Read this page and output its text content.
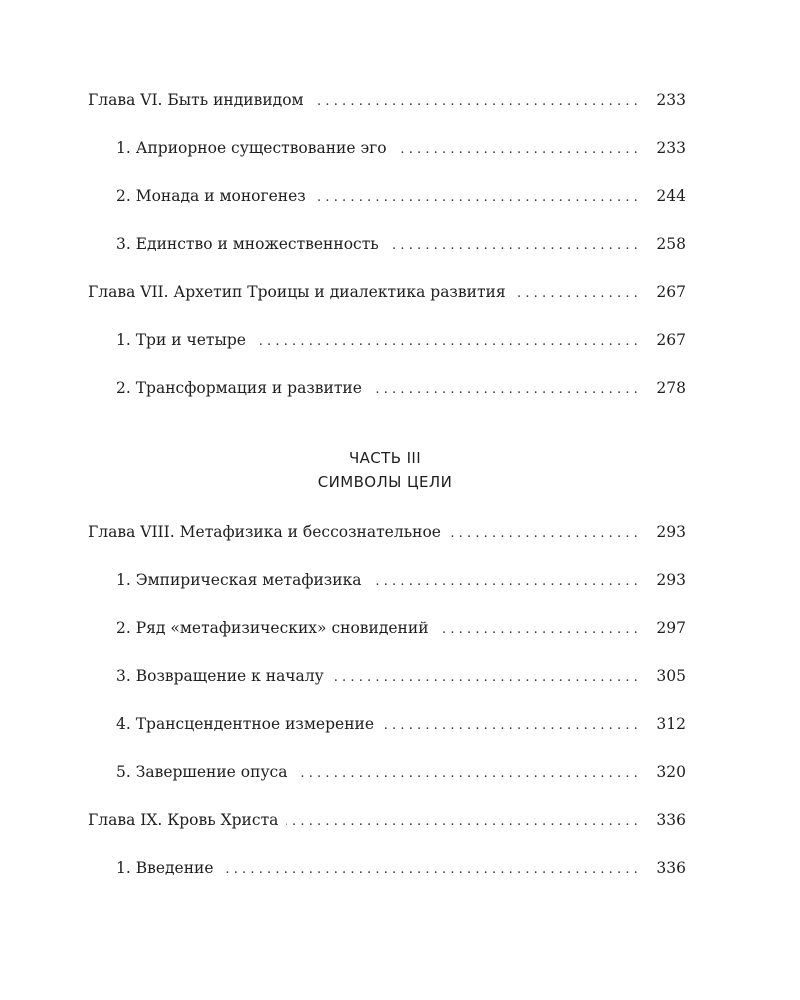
Глава VI. Быть индивидом .....	233
1. Априорное существование эго .....	233
2. Монада и моногенез .....	244
3. Единство и множественность .....	258
Глава VII. Архетип Троицы и диалектика развития .....	267
1. Три и четыре .....	267
2. Трансформация и развитие .....	278
ЧАСТЬ III
СИМВОЛЫ ЦЕЛИ
Глава VIII. Метафизика и бессознательное .....	293
1. Эмпирическая метафизика .....	293
2. Ряд «метафизических» сновидений .....	297
3. Возвращение к началу .....	305
4. Трансцендентное измерение .....	312
5. Завершение опуса .....	320
Глава IX. Кровь Христа .....	336
1. Введение .....	336
